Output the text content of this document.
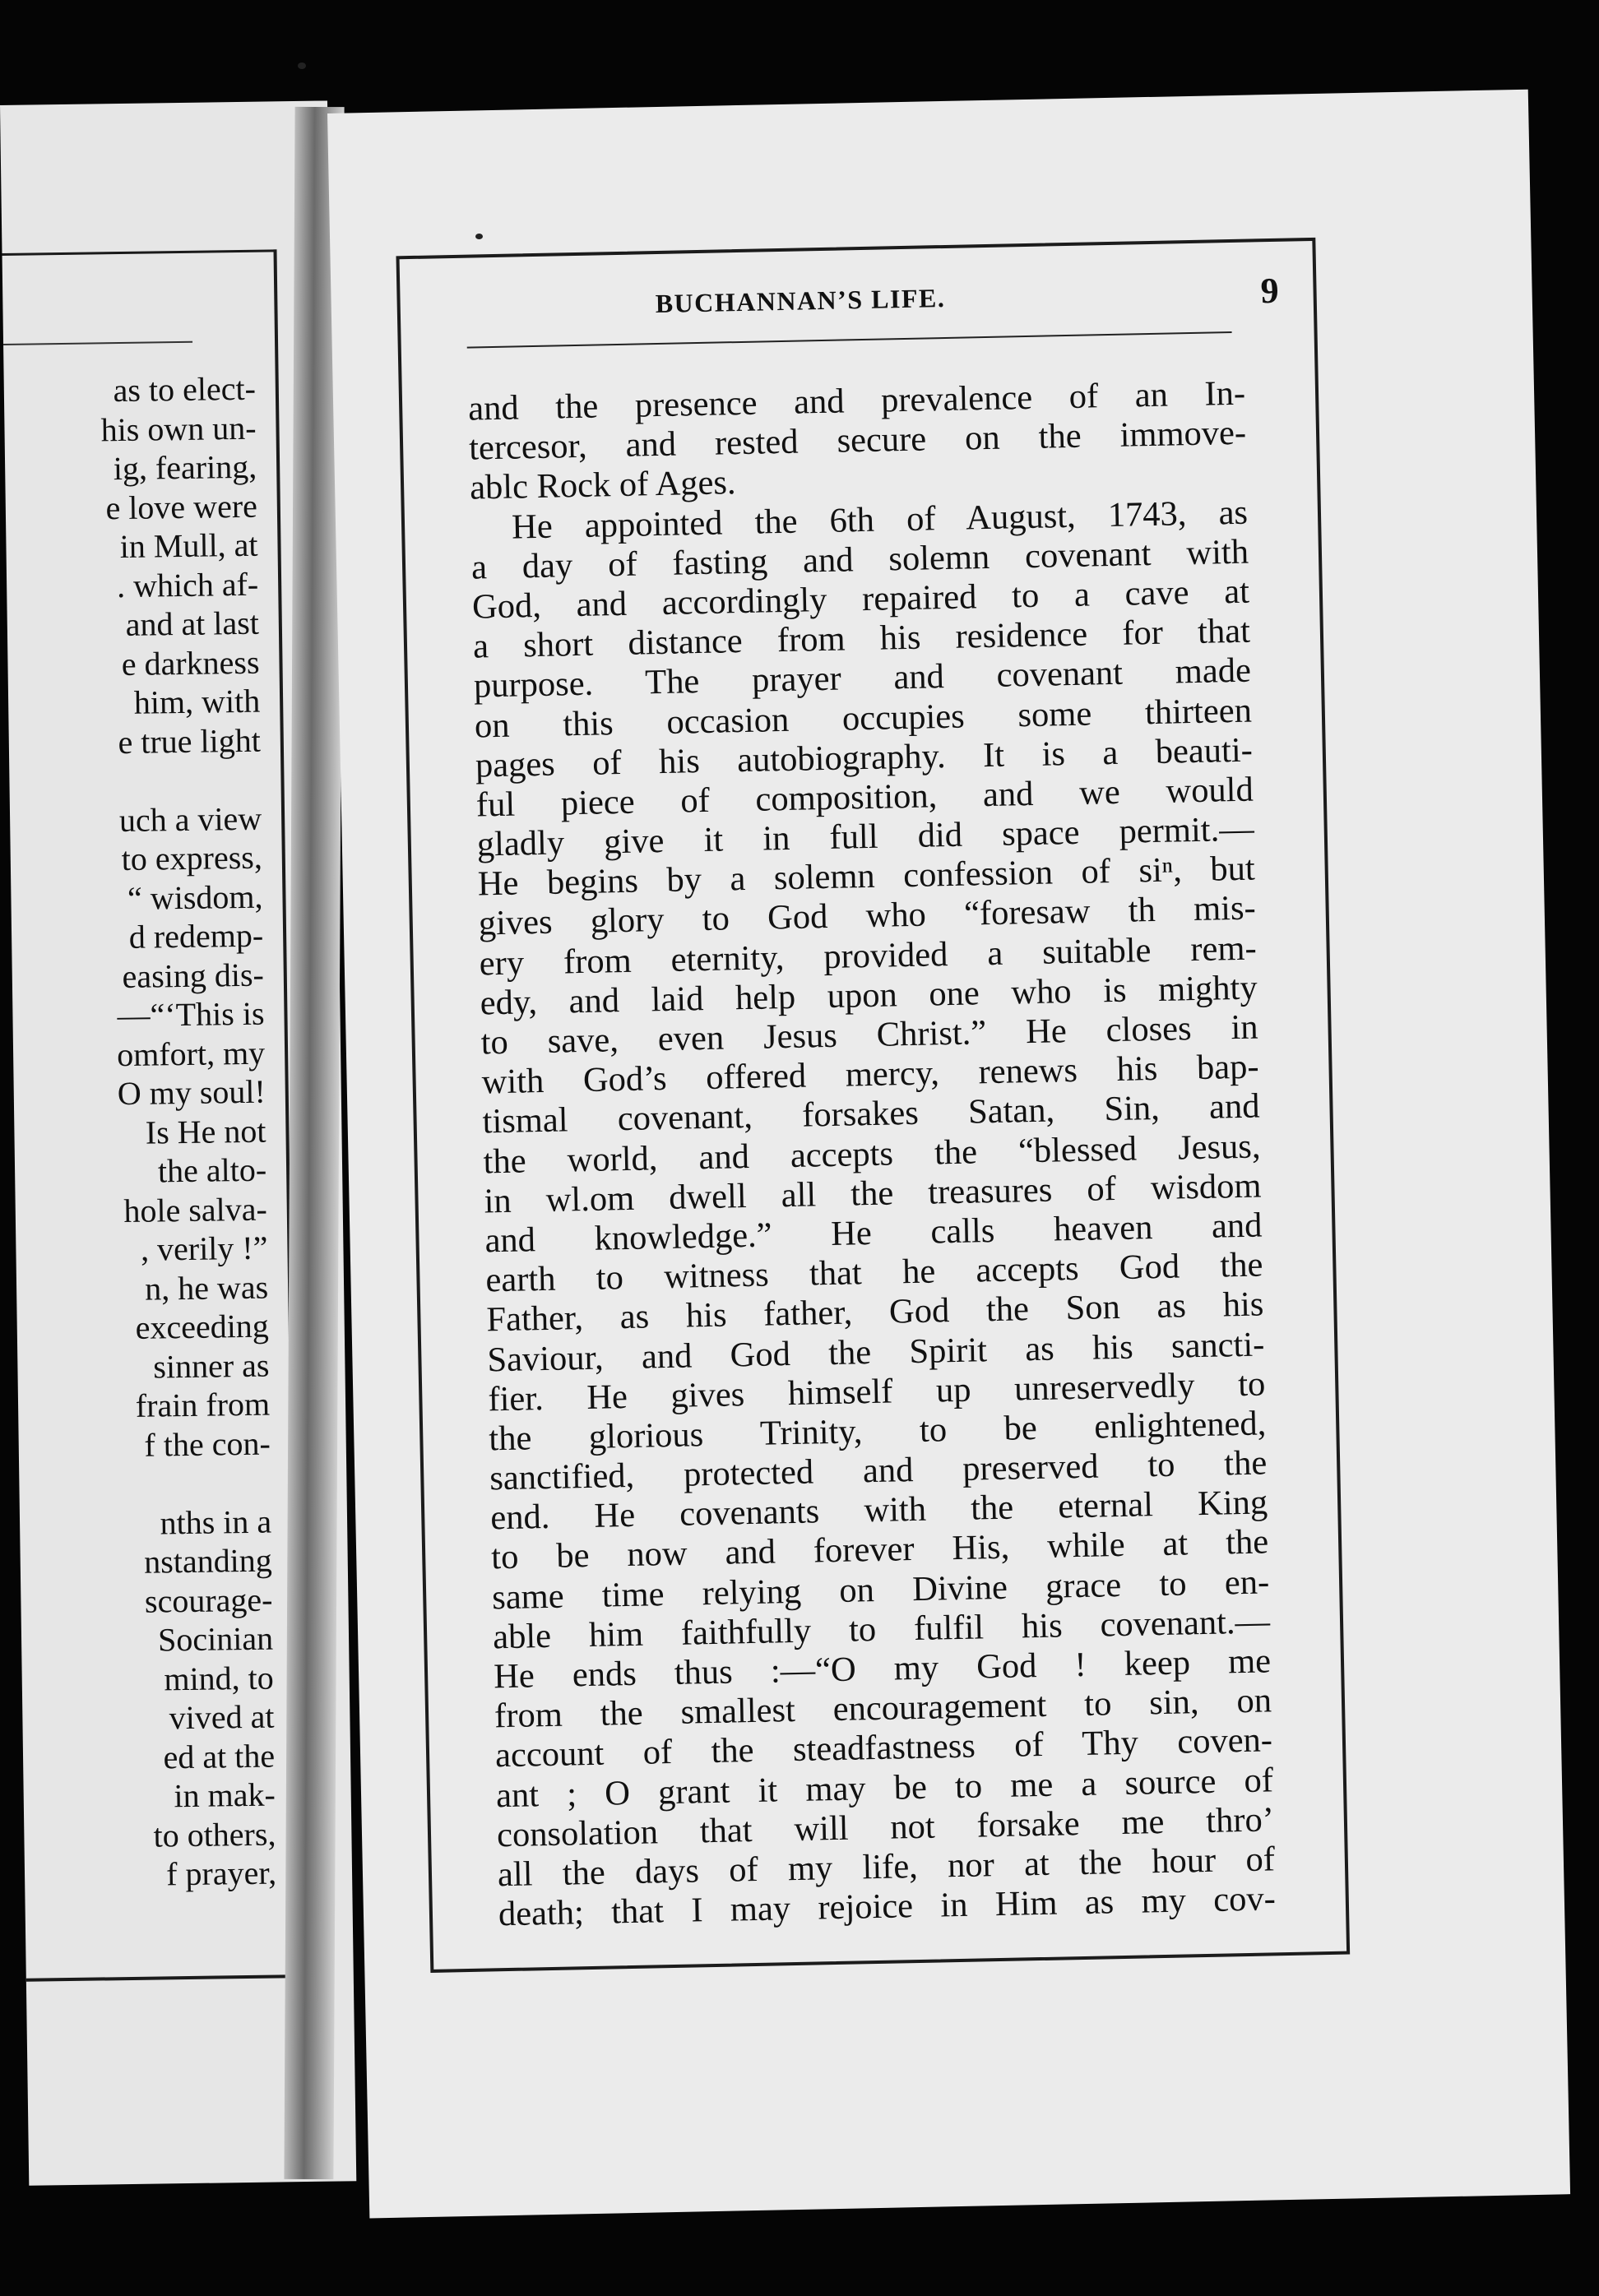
as to elect-
his own un-
ig, fearing,
e love were
in Mull, at
. which af-
and at last
e darkness
him, with
e true light
uch a view
to express,
“ wisdom,
d redemp-
easing dis-
—“‘This is
omfort, my
O my soul!
Is He not
the alto-
hole salva-
, verily !”
n, he was
exceeding
sinner as
frain from
f the con-
nths in a
nstanding
scourage-
Socinian
mind, to
vived at
ed at the
in mak-
to others,
f prayer,
BUCHANNAN’S LIFE.	9
and the presence and prevalence of an In-
tercesor, and rested secure on the immove-
ablс Rock of Ages.
He appointed the 6th of August, 1743, as
a day of fasting and solemn covenant with
God, and accordingly repaired to a cave at
a short distance from his residence for that
purpose. The prayer and covenant made
on this occasion occupies some thirteen
pages of his autobiography. It is a beauti-
ful piece of composition, and we would
gladly give it in full did space permit.—
He begins by a solemn confession of siⁿ, but
gives glory to God who “foresaw th mis-
ery from eternity, provided a suitable rem-
edy, and laid help upon one who is mighty
to save, even Jesus Christ.” He closes in
with God’s offered mercy, renews his bap-
tismal covenant, forsakes Satan, Sin, and
the world, and accepts the “blessed Jesus,
in wl.om dwell all the treasures of wisdom
and knowledge.” He calls heaven and
earth to witness that he accepts God the
Father, as his father, God the Son as his
Saviour, and God the Spirit as his sancti-
fier. He gives himself up unreservedly to
the glorious Trinity, to be enlightened,
sanctified, protected and preserved to the
end. He covenants with the eternal King
to be now and forever His, while at the
same time relying on Divine grace to en-
able him faithfully to fulfil his covenant.—
He ends thus :—“O my God ! keep me
from the smallest encouragement to sin, on
account of the steadfastness of Thy coven-
ant ; O grant it may be to me a source of
consolation that will not forsake me thro’
all the days of my life, nor at the hour of
death; that I may rejoice in Him as my cov-
